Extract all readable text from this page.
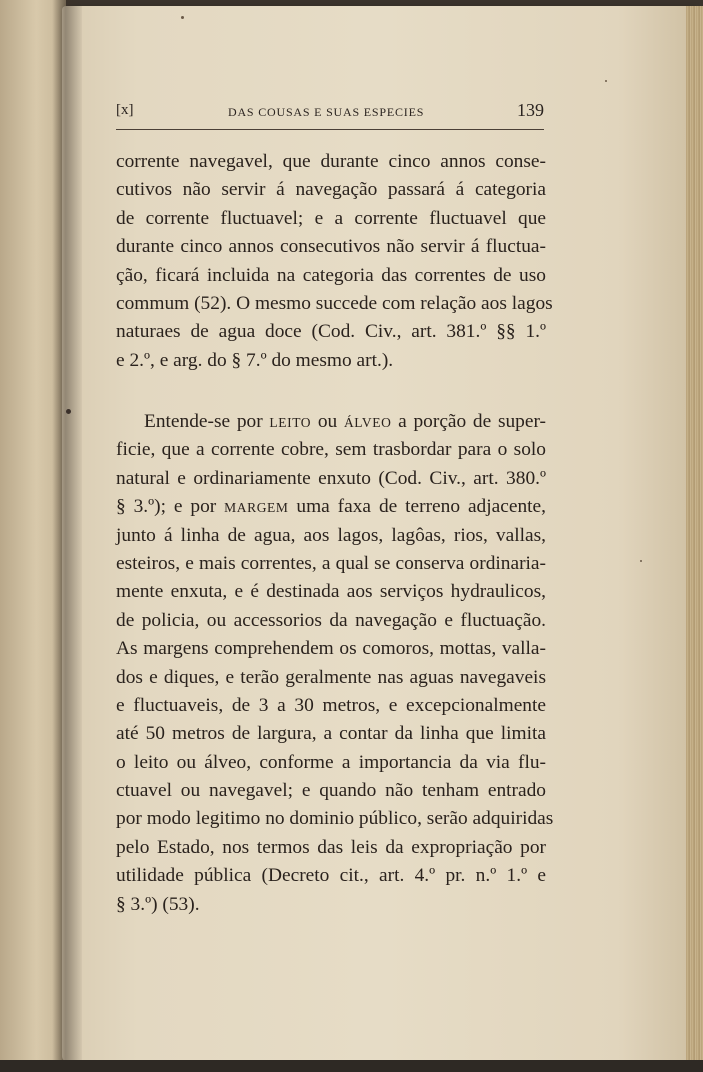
[x]	DAS COUSAS E SUAS ESPECIES	139
corrente navegavel, que durante cinco annos conse-
cutivos não servir á navegação passará á categoria
de corrente fluctuavel; e a corrente fluctuavel que
durante cinco annos consecutivos não servir á fluctua-
ção, ficará incluida na categoria das correntes de uso
commum (52). O mesmo succede com relação aos lagos
naturaes de agua doce (Cod. Civ., art. 381.º §§ 1.º
e 2.º, e arg. do § 7.º do mesmo art.).
Entende-se por LEITO ou ÁLVEO a porção de super-
ficie, que a corrente cobre, sem trasbordar para o solo
natural e ordinariamente enxuto (Cod. Civ., art. 380.º
§ 3.º); e por MARGEM uma faxa de terreno adjacente,
junto á linha de agua, aos lagos, lagôas, rios, vallas,
esteiros, e mais correntes, a qual se conserva ordinaria-
mente enxuta, e é destinada aos serviços hydraulicos,
de policia, ou accessorios da navegação e fluctuação.
As margens comprehendem os comoros, mottas, valla-
dos e diques, e terão geralmente nas aguas navegaveis
e fluctuaveis, de 3 a 30 metros, e excepcionalmente
até 50 metros de largura, a contar da linha que limita
o leito ou álveo, conforme a importancia da via flu-
ctuavel ou navegavel; e quando não tenham entrado
por modo legitimo no dominio público, serão adquiridas
pelo Estado, nos termos das leis da expropriação por
utilidade pública (Decreto cit., art. 4.º pr. n.º 1.º e
§ 3.º) (53).
